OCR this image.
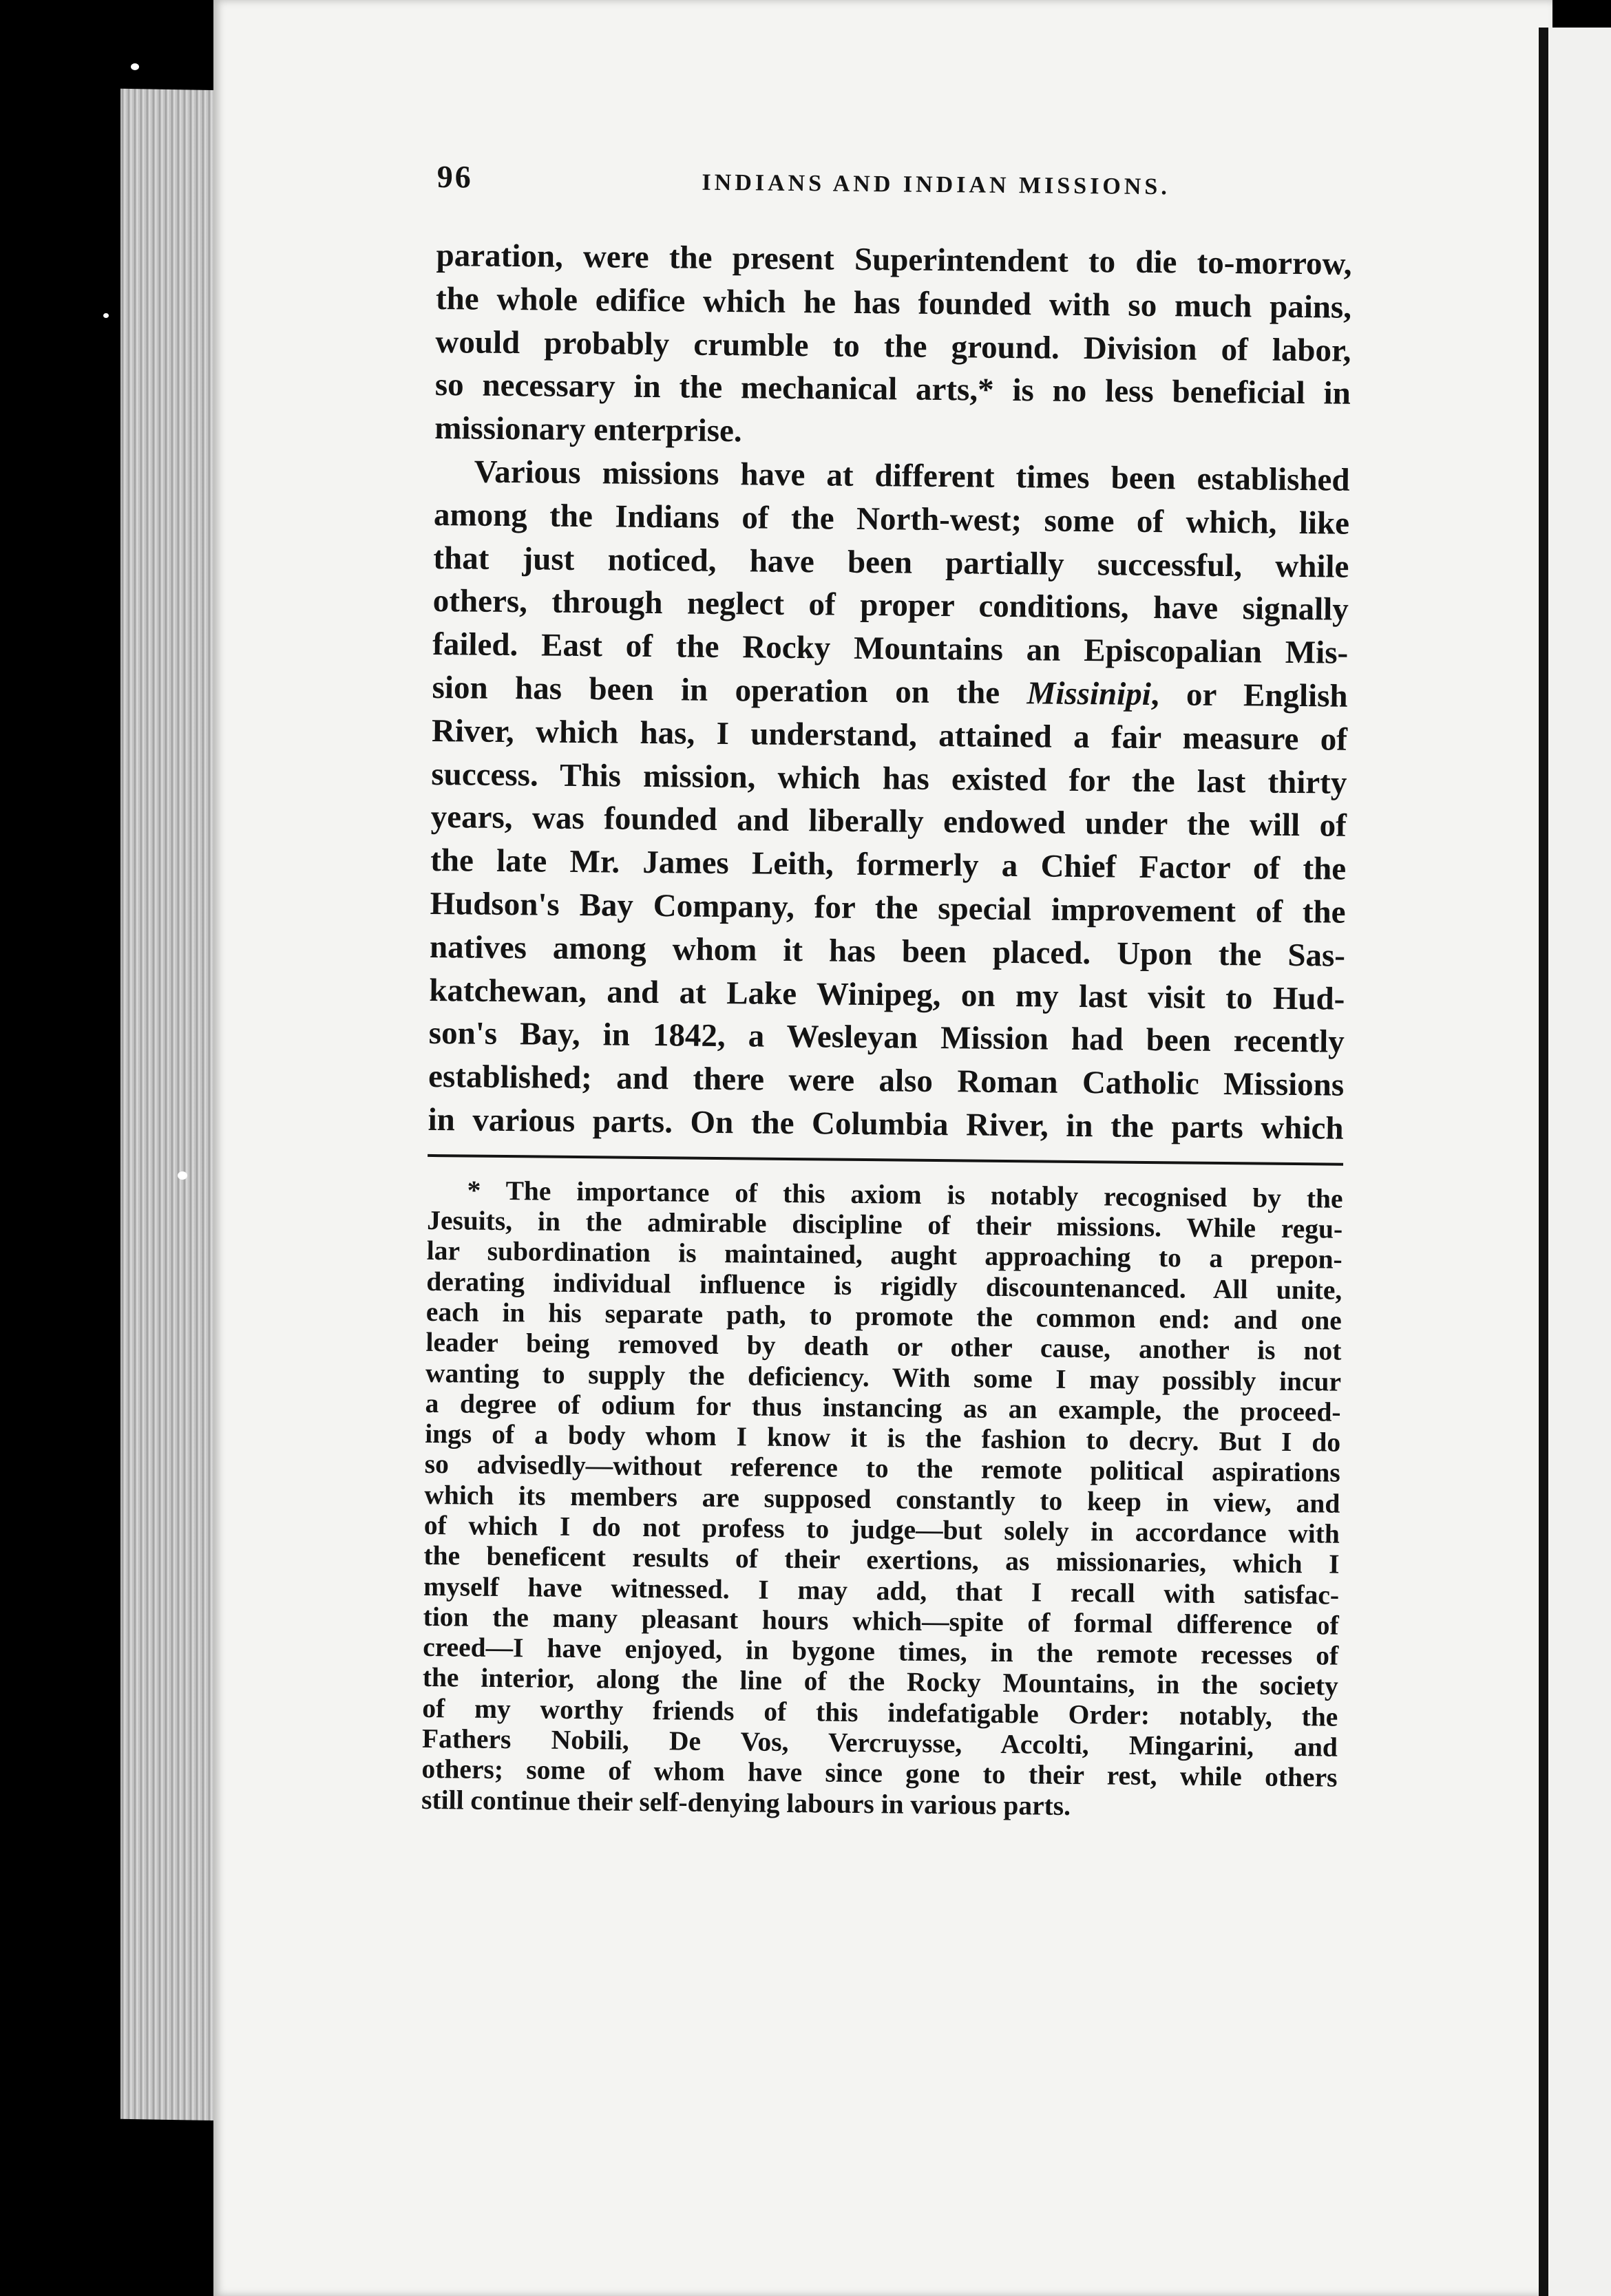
96	INDIANS AND INDIAN MISSIONS.
paration, were the present Superintendent to die to-morrow,
the whole edifice which he has founded with so much pains,
would probably crumble to the ground. Division of labor,
so necessary in the mechanical arts,* is no less beneficial in
missionary enterprise.
Various missions have at different times been established
among the Indians of the North-west; some of which, like
that just noticed, have been partially successful, while
others, through neglect of proper conditions, have signally
failed. East of the Rocky Mountains an Episcopalian Mis-
sion has been in operation on the Missinipi, or English
River, which has, I understand, attained a fair measure of
success. This mission, which has existed for the last thirty
years, was founded and liberally endowed under the will of
the late Mr. James Leith, formerly a Chief Factor of the
Hudson's Bay Company, for the special improvement of the
natives among whom it has been placed. Upon the Sas-
katchewan, and at Lake Winipeg, on my last visit to Hud-
son's Bay, in 1842, a Wesleyan Mission had been recently
established; and there were also Roman Catholic Missions
in various parts. On the Columbia River, in the parts which
* The importance of this axiom is notably recognised by the
Jesuits, in the admirable discipline of their missions. While regu-
lar subordination is maintained, aught approaching to a prepon-
derating individual influence is rigidly discountenanced. All unite,
each in his separate path, to promote the common end: and one
leader being removed by death or other cause, another is not
wanting to supply the deficiency. With some I may possibly incur
a degree of odium for thus instancing as an example, the proceed-
ings of a body whom I know it is the fashion to decry. But I do
so advisedly—without reference to the remote political aspirations
which its members are supposed constantly to keep in view, and
of which I do not profess to judge—but solely in accordance with
the beneficent results of their exertions, as missionaries, which I
myself have witnessed. I may add, that I recall with satisfac-
tion the many pleasant hours which—spite of formal difference of
creed—I have enjoyed, in bygone times, in the remote recesses of
the interior, along the line of the Rocky Mountains, in the society
of my worthy friends of this indefatigable Order: notably, the
Fathers Nobili, De Vos, Vercruysse, Accolti, Mingarini, and
others; some of whom have since gone to their rest, while others
still continue their self-denying labours in various parts.
